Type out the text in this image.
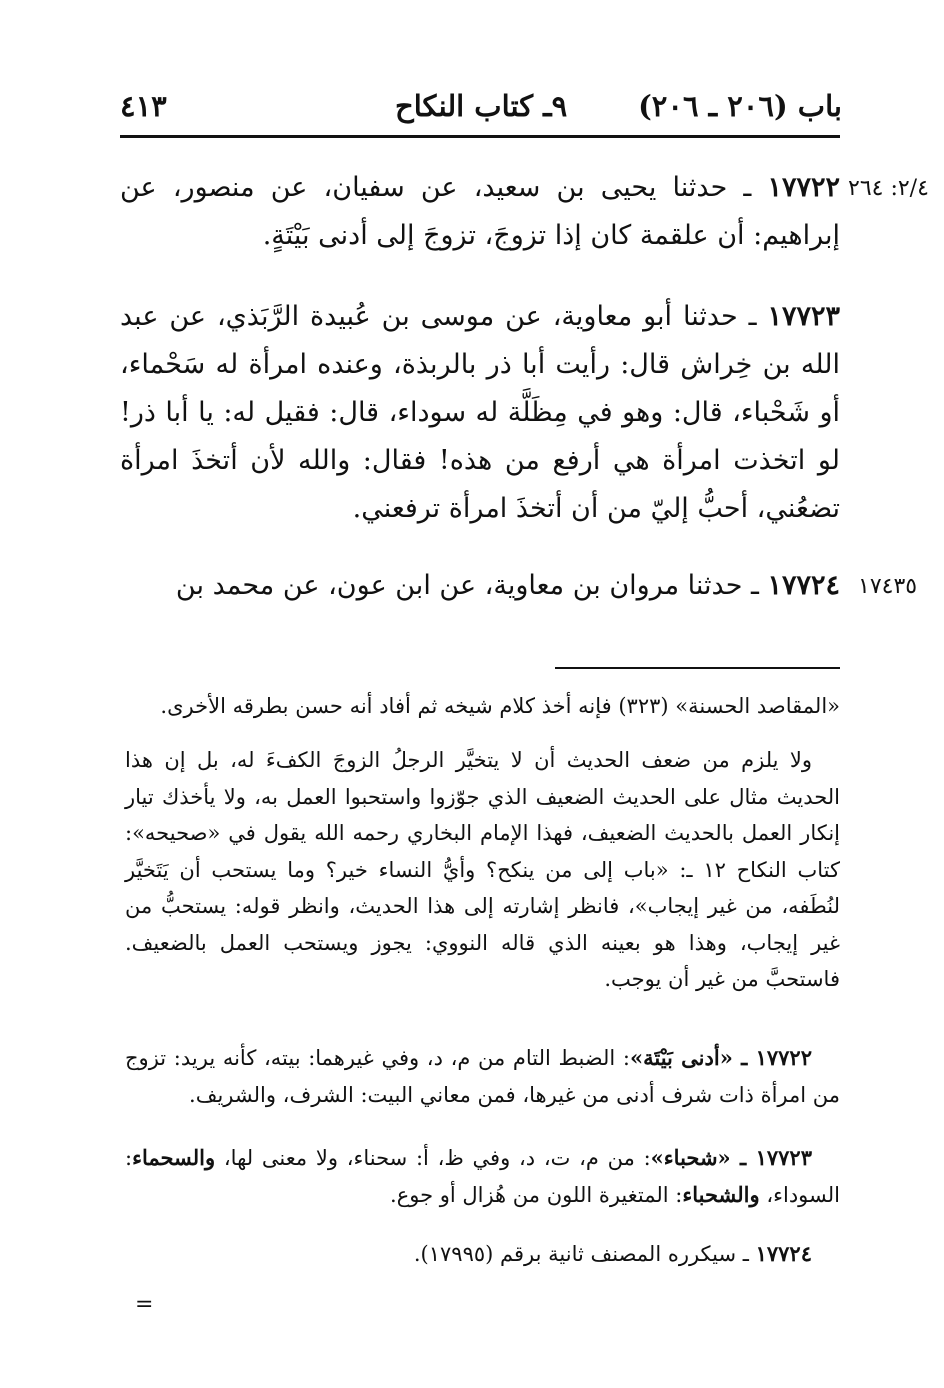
باب (٢٠٦ ـ ٢٠٦)
٩ـ كتاب النكاح
٤١٣
٢/٤: ٢٦٤
١٧٧٢٢ ـ حدثنا يحيى بن سعيد، عن سفيان، عن منصور، عن إبراهيم: أن علقمة كان إذا تزوجَ، تزوجَ إلى أدنى بَيْتَةٍ.
١٧٧٢٣ ـ حدثنا أبو معاوية، عن موسى بن عُبيدة الرَّبَذي، عن عبد الله بن خِراش قال: رأيت أبا ذر بالربذة، وعنده امرأة له سَحْماء، أو شَحْباء، قال: وهو في مِظَلَّة له سوداء، قال: فقيل له: يا أبا ذر! لو اتخذت امرأة هي أرفع من هذه! فقال: والله لأن أتخذَ امرأة تضعُني، أحبُّ إليّ من أن أتخذَ امرأة ترفعني.
١٧٤٣٥
١٧٧٢٤ ـ حدثنا مروان بن معاوية، عن ابن عون، عن محمد بن
«المقاصد الحسنة» (٣٢٣) فإنه أخذ كلام شيخه ثم أفاد أنه حسن بطرقه الأخرى.
ولا يلزم من ضعف الحديث أن لا يتخيَّر الرجلُ الزوجَ الكفءَ له، بل إن هذا الحديث مثال على الحديث الضعيف الذي جوّزوا واستحبوا العمل به، ولا يأخذك تيار إنكار العمل بالحديث الضعيف، فهذا الإمام البخاري رحمه الله يقول في «صحيحه»: كتاب النكاح ١٢ ـ: «باب إلى من ينكح؟ وأيُّ النساء خير؟ وما يستحب أن يَتَخيَّر لنُطَفه، من غير إيجاب»، فانظر إشارته إلى هذا الحديث، وانظر قوله: يستحبُّ من غير إيجاب، وهذا هو بعينه الذي قاله النووي: يجوز ويستحب العمل بالضعيف. فاستحبَّ من غير أن يوجب.
١٧٧٢٢ ـ «أدنى بَيْتَة»: الضبط التام من م، د، وفي غيرهما: بيته، كأنه يريد: تزوج من امرأة ذات شرف أدنى من غيرها، فمن معاني البيت: الشرف، والشريف.
١٧٧٢٣ ـ «شحباء»: من م، ت، د، وفي ظ، أ: سحناء، ولا معنى لها، والسحماء: السوداء، والشحباء: المتغيرة اللون من هُزال أو جوع.
١٧٧٢٤ ـ سيكرره المصنف ثانية برقم (١٧٩٩٥).
=
